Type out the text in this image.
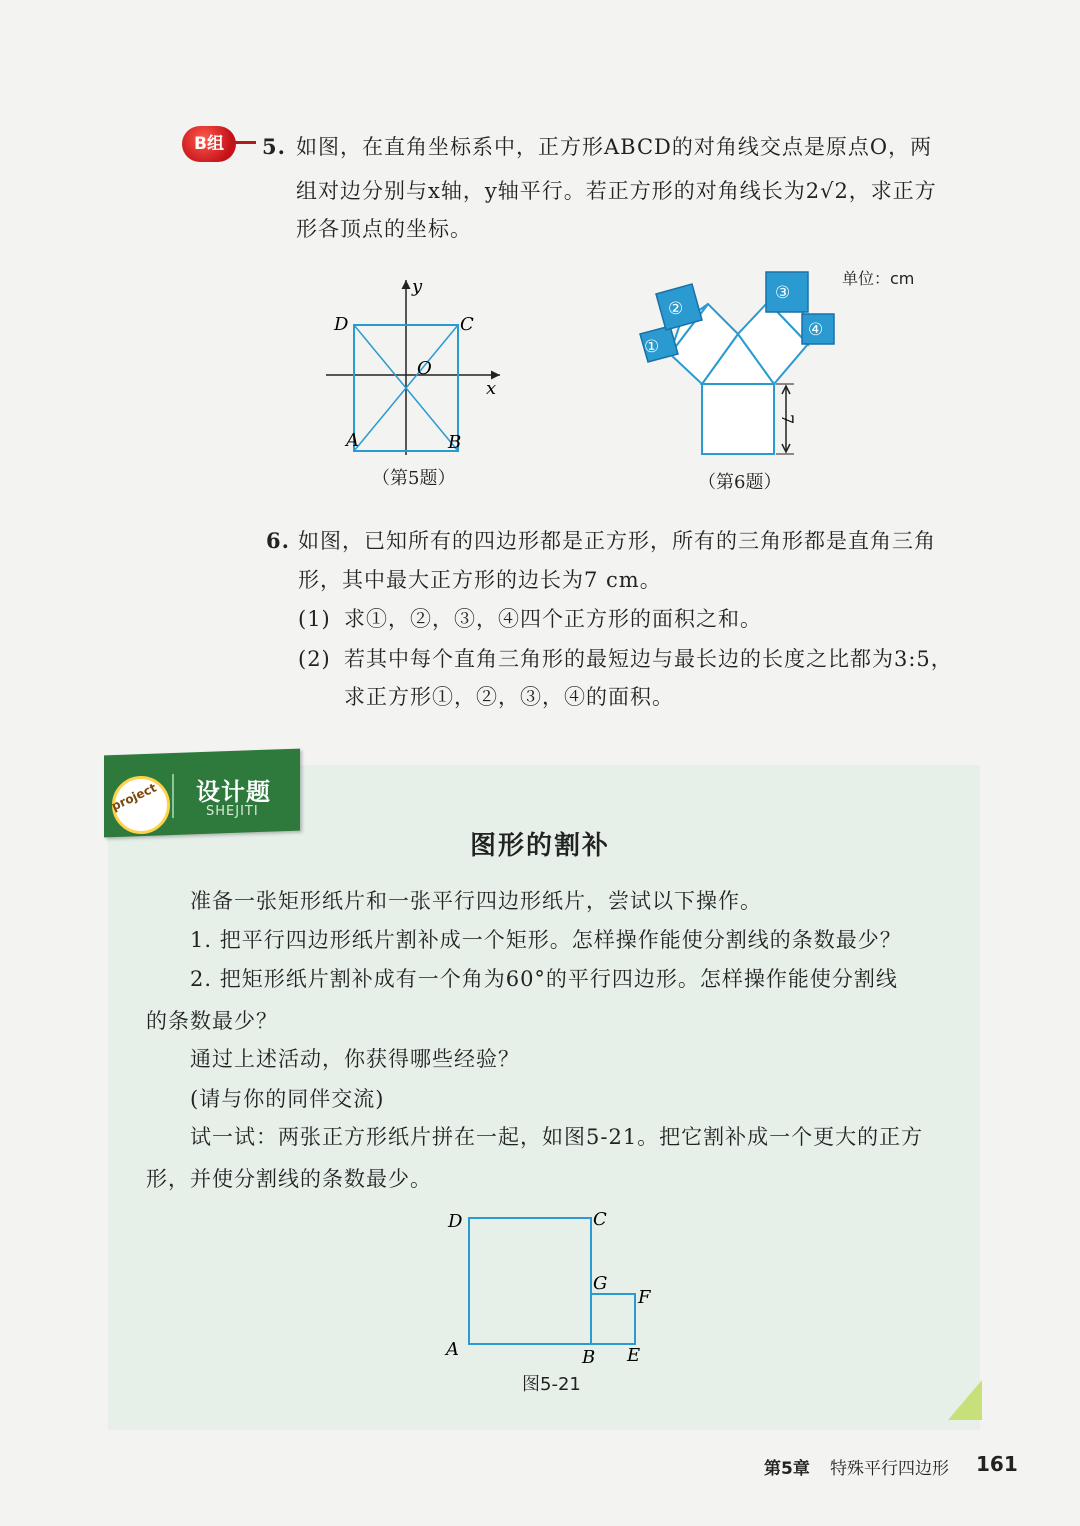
B组	5. 如图，在直角坐标系中，正方形ABCD的对角线交点是原点O，两
组对边分别与x轴，y轴平行。若正方形的对角线长为2√2，求正方
形各顶点的坐标。
y
x
D	C
O
A	B
（第5题）
①
②
③
④
7
单位：cm
（第6题）
6. 如图，已知所有的四边形都是正方形，所有的三角形都是直角三角
形，其中最大正方形的边长为7 cm。
(1) 求①，②，③，④四个正方形的面积之和。
(2) 若其中每个直角三角形的最短边与最长边的长度之比都为3:5，
求正方形①，②，③，④的面积。
project 设计题
SHEJITI
图形的割补
准备一张矩形纸片和一张平行四边形纸片，尝试以下操作。
1. 把平行四边形纸片割补成一个矩形。怎样操作能使分割线的条数最少？
2. 把矩形纸片割补成有一个角为60°的平行四边形。怎样操作能使分割线
的条数最少？
通过上述活动，你获得哪些经验？
(请与你的同伴交流)
试一试：两张正方形纸片拼在一起，如图5-21。把它割补成一个更大的正方
形，并使分割线的条数最少。
D	C
G
F
A	B E
图5-21
第5章 特殊平行四边形 161
